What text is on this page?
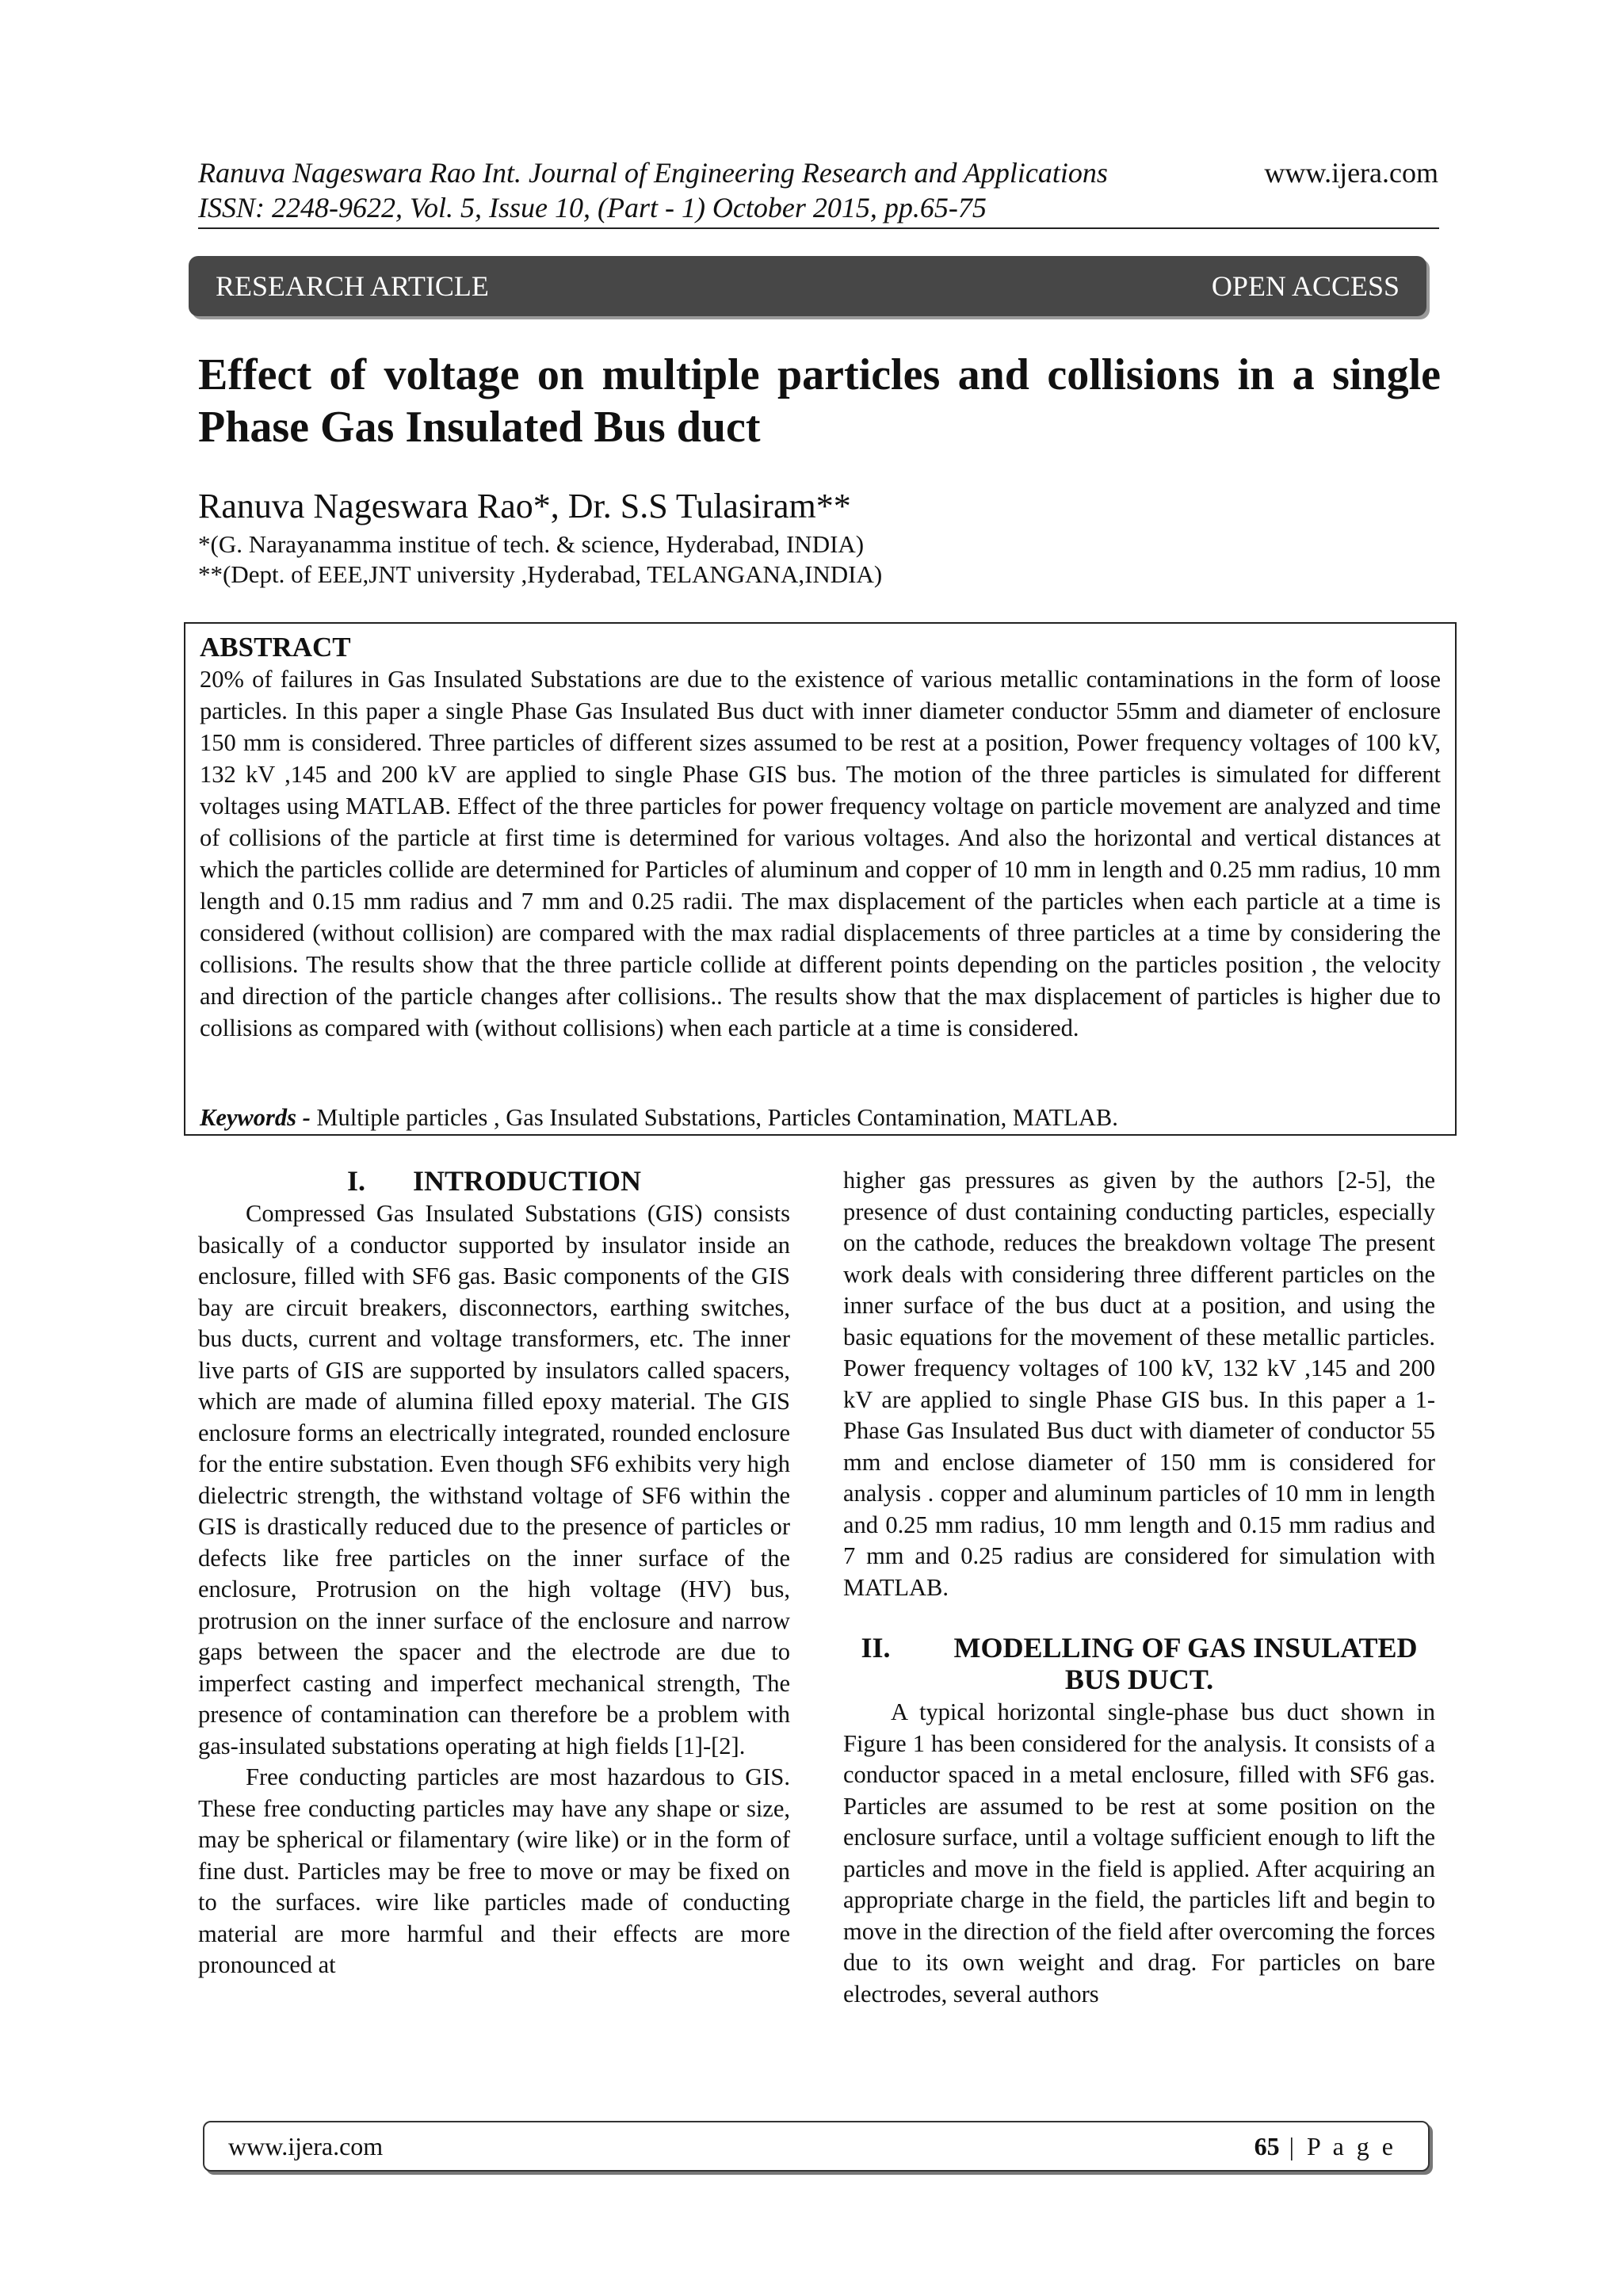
Ranuva Nageswara Rao Int. Journal of Engineering Research and Applications
ISSN: 2248-9622, Vol. 5, Issue 10, (Part - 1) October 2015, pp.65-75
www.ijera.com
RESEARCH ARTICLE	OPEN ACCESS
Effect of voltage on multiple particles and collisions in a single Phase Gas Insulated Bus duct

Ranuva Nageswara Rao*, Dr. S.S Tulasiram**

*(G. Narayanamma institue of tech. & science, Hyderabad, INDIA)

**(Dept. of EEE,JNT university ,Hyderabad, TELANGANA,INDIA)

ABSTRACT

20% of failures in Gas Insulated Substations are due to the existence of various metallic contaminations in the form of loose particles. In this paper a single Phase Gas Insulated Bus duct with inner diameter conductor 55mm and diameter of enclosure 150 mm is considered. Three particles of different sizes assumed to be rest at a position, Power frequency voltages of 100 kV, 132 kV ,145 and 200 kV are applied to single Phase GIS bus. The motion of the three particles is simulated for different voltages using MATLAB. Effect of the three particles for power frequency voltage on particle movement are analyzed and time of collisions of the particle at first time is determined for various voltages. And also the horizontal and vertical distances at which the particles collide are determined for Particles of aluminum and copper of 10 mm in length and 0.25 mm radius, 10 mm length and 0.15 mm radius and 7 mm and 0.25 radii. The max displacement of the particles when each particle at a time is considered (without collision) are compared with the max radial displacements of three particles at a time by considering the collisions. The results show that the three particle collide at different points depending on the particles position , the velocity and direction of the particle changes after collisions.. The results show that the max displacement of particles is higher due to collisions as compared with (without collisions) when each particle at a time is considered.

Keywords - Multiple particles , Gas Insulated Substations, Particles Contamination, MATLAB.

I. INTRODUCTION

Compressed Gas Insulated Substations (GIS) consists basically of a conductor supported by insulator inside an enclosure, filled with SF6 gas. Basic components of the GIS bay are circuit breakers, disconnectors, earthing switches, bus ducts, current and voltage transformers, etc. The inner live parts of GIS are supported by insulators called spacers, which are made of alumina filled epoxy material. The GIS enclosure forms an electrically integrated, rounded enclosure for the entire substation. Even though SF6 exhibits very high dielectric strength, the withstand voltage of SF6 within the GIS is drastically reduced due to the presence of particles or defects like free particles on the inner surface of the enclosure, Protrusion on the high voltage (HV) bus, protrusion on the inner surface of the enclosure and narrow gaps between the spacer and the electrode are due to imperfect casting and imperfect mechanical strength, The presence of contamination can therefore be a problem with gas-insulated substations operating at high fields [1]-[2].

Free conducting particles are most hazardous to GIS. These free conducting particles may have any shape or size, may be spherical or filamentary (wire like) or in the form of fine dust. Particles may be free to move or may be fixed on to the surfaces. wire like particles made of conducting material are more harmful and their effects are more pronounced at

higher gas pressures as given by the authors [2-5], the presence of dust containing conducting particles, especially on the cathode, reduces the breakdown voltage The present work deals with considering three different particles on the inner surface of the bus duct at a position, and using the basic equations for the movement of these metallic particles. Power frequency voltages of 100 kV, 132 kV ,145 and 200 kV are applied to single Phase GIS bus. In this paper a 1- Phase Gas Insulated Bus duct with diameter of conductor 55 mm and enclose diameter of 150 mm is considered for analysis . copper and aluminum particles of 10 mm in length and 0.25 mm radius, 10 mm length and 0.15 mm radius and 7 mm and 0.25 radius are considered for simulation with MATLAB.

II. MODELLING OF GAS INSULATED BUS DUCT.

A typical horizontal single-phase bus duct shown in Figure 1 has been considered for the analysis. It consists of a conductor spaced in a metal enclosure, filled with SF6 gas. Particles are assumed to be rest at some position on the enclosure surface, until a voltage sufficient enough to lift the particles and move in the field is applied. After acquiring an appropriate charge in the field, the particles lift and begin to move in the direction of the field after overcoming the forces due to its own weight and drag. For particles on bare electrodes, several authors

www.ijera.com	65 | P a g e
